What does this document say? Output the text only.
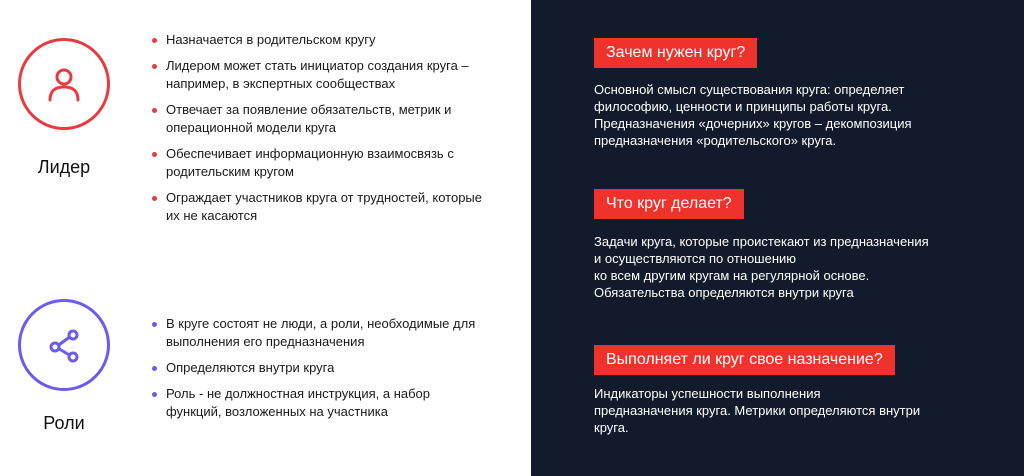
Лидер
Назначается в родительском кругу
Лидером может стать инициатор создания круга – например, в экспертных сообществах
Отвечает за появление обязательств, метрик и операционной модели круга
Обеспечивает информационную взаимосвязь с родительским кругом
Ограждает участников круга от трудностей, которые их не касаются
Роли
В круге состоят не люди, а роли, необходимые для выполнения его предназначения
Определяются внутри круга
Роль - не должностная инструкция, а набор функций, возложенных на участника
Зачем нужен круг?
Основной смысл существования круга: определяет
философию, ценности и принципы работы круга.
Предназначения «дочерних» кругов – декомпозиция
предназначения «родительского» круга.
Что круг делает?
Задачи круга, которые проистекают из предназначения
и осуществляются по отношению
ко всем другим кругам на регулярной основе.
Обязательства определяются внутри круга
Выполняет ли круг свое назначение?
Индикаторы успешности выполнения
предназначения круга. Метрики определяются внутри
круга.
